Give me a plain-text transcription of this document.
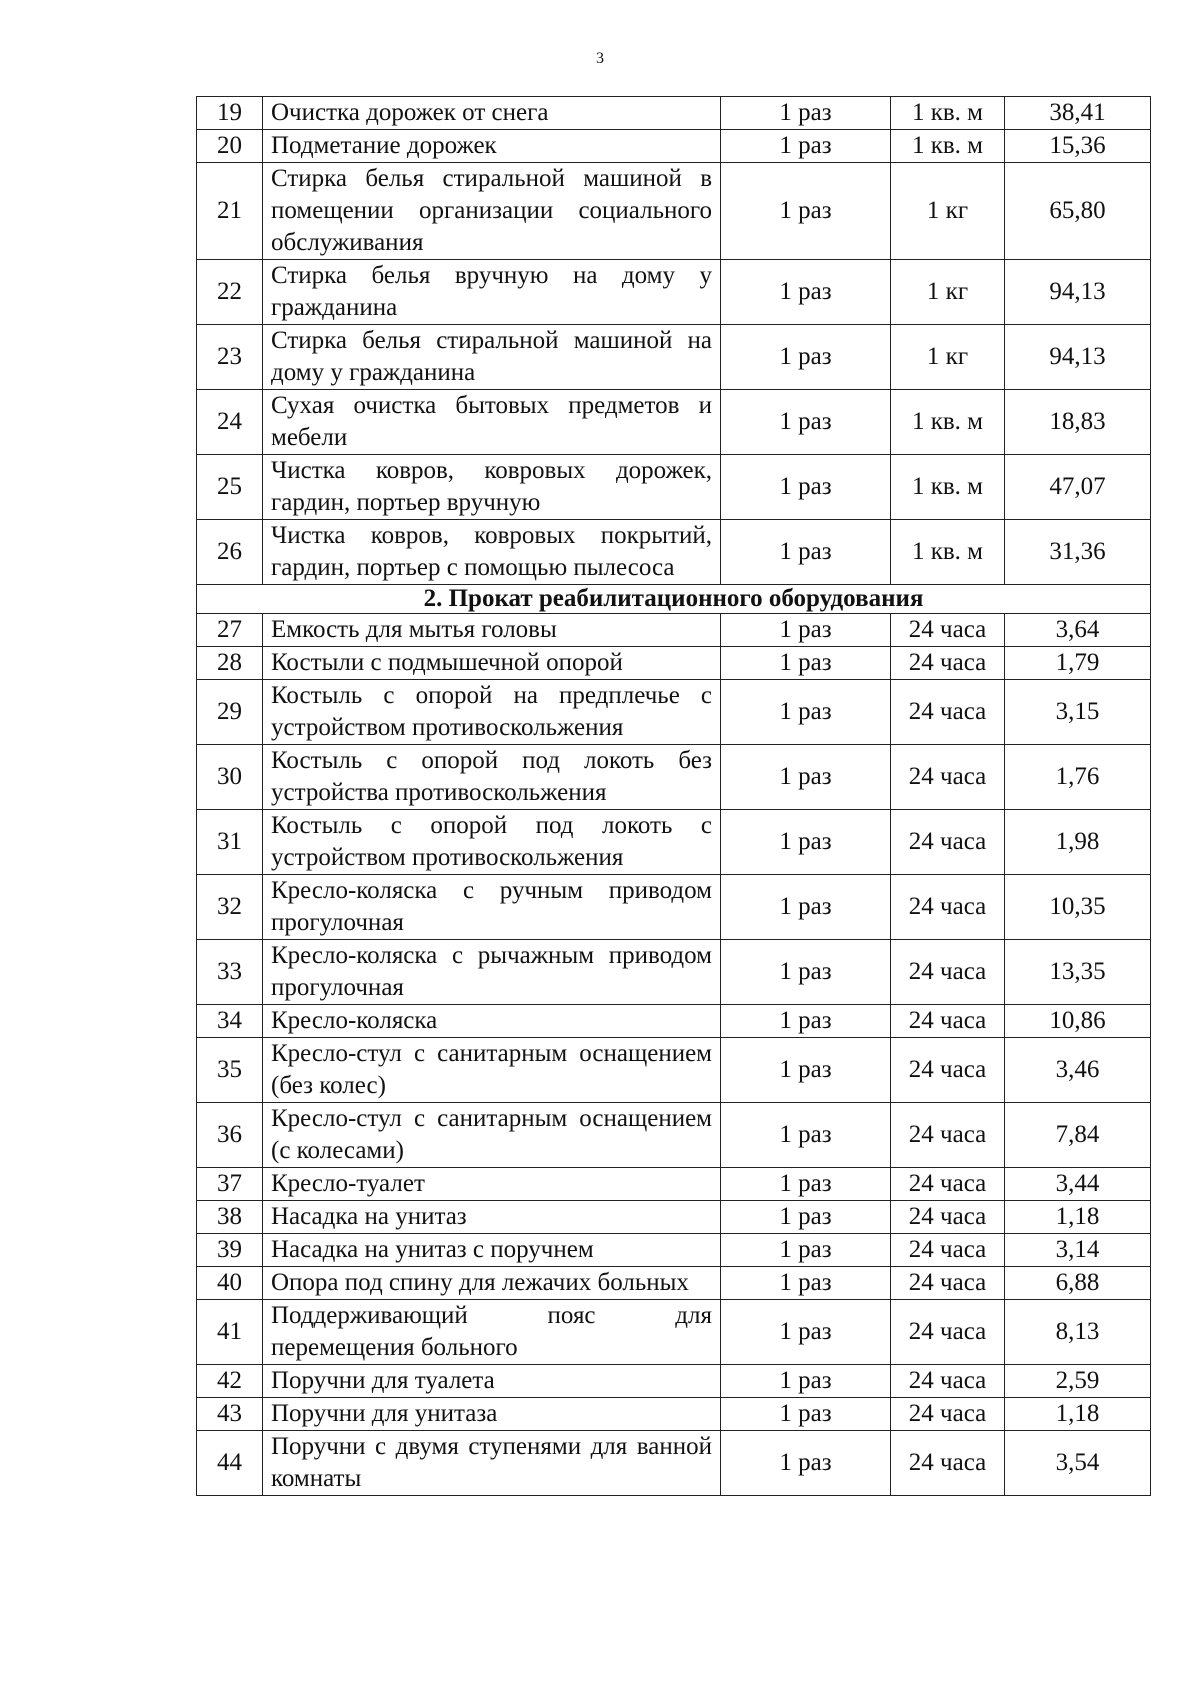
3
19	Очистка дорожек от снега	1 раз	1 кв. м	38,41
20	Подметание дорожек	1 раз	1 кв. м	15,36
21	Стирка белья стиральной машиной в помещении организации социального обслуживания	1 раз	1 кг	65,80
22	Стирка белья вручную на дому у гражданина	1 раз	1 кг	94,13
23	Стирка белья стиральной машиной на дому у гражданина	1 раз	1 кг	94,13
24	Сухая очистка бытовых предметов и мебели	1 раз	1 кв. м	18,83
25	Чистка ковров, ковровых дорожек, гардин, портьер вручную	1 раз	1 кв. м	47,07
26	Чистка ковров, ковровых покрытий, гардин, портьер с помощью пылесоса	1 раз	1 кв. м	31,36
2. Прокат реабилитационного оборудования				
27	Емкость для мытья головы	1 раз	24 часа	3,64
28	Костыли с подмышечной опорой	1 раз	24 часа	1,79
29	Костыль с опорой на предплечье с устройством противоскольжения	1 раз	24 часа	3,15
30	Костыль с опорой под локоть без устройства противоскольжения	1 раз	24 часа	1,76
31	Костыль с опорой под локоть с устройством противоскольжения	1 раз	24 часа	1,98
32	Кресло-коляска с ручным приводом прогулочная	1 раз	24 часа	10,35
33	Кресло-коляска с рычажным приводом прогулочная	1 раз	24 часа	13,35
34	Кресло-коляска	1 раз	24 часа	10,86
35	Кресло-стул с санитарным оснащением (без колес)	1 раз	24 часа	3,46
36	Кресло-стул с санитарным оснащением (с колесами)	1 раз	24 часа	7,84
37	Кресло-туалет	1 раз	24 часа	3,44
38	Насадка на унитаз	1 раз	24 часа	1,18
39	Насадка на унитаз с поручнем	1 раз	24 часа	3,14
40	Опора под спину для лежачих больных	1 раз	24 часа	6,88
41	Поддерживающий пояс для перемещения больного	1 раз	24 часа	8,13
42	Поручни для туалета	1 раз	24 часа	2,59
43	Поручни для унитаза	1 раз	24 часа	1,18
44	Поручни с двумя ступенями для ванной комнаты	1 раз	24 часа	3,54
